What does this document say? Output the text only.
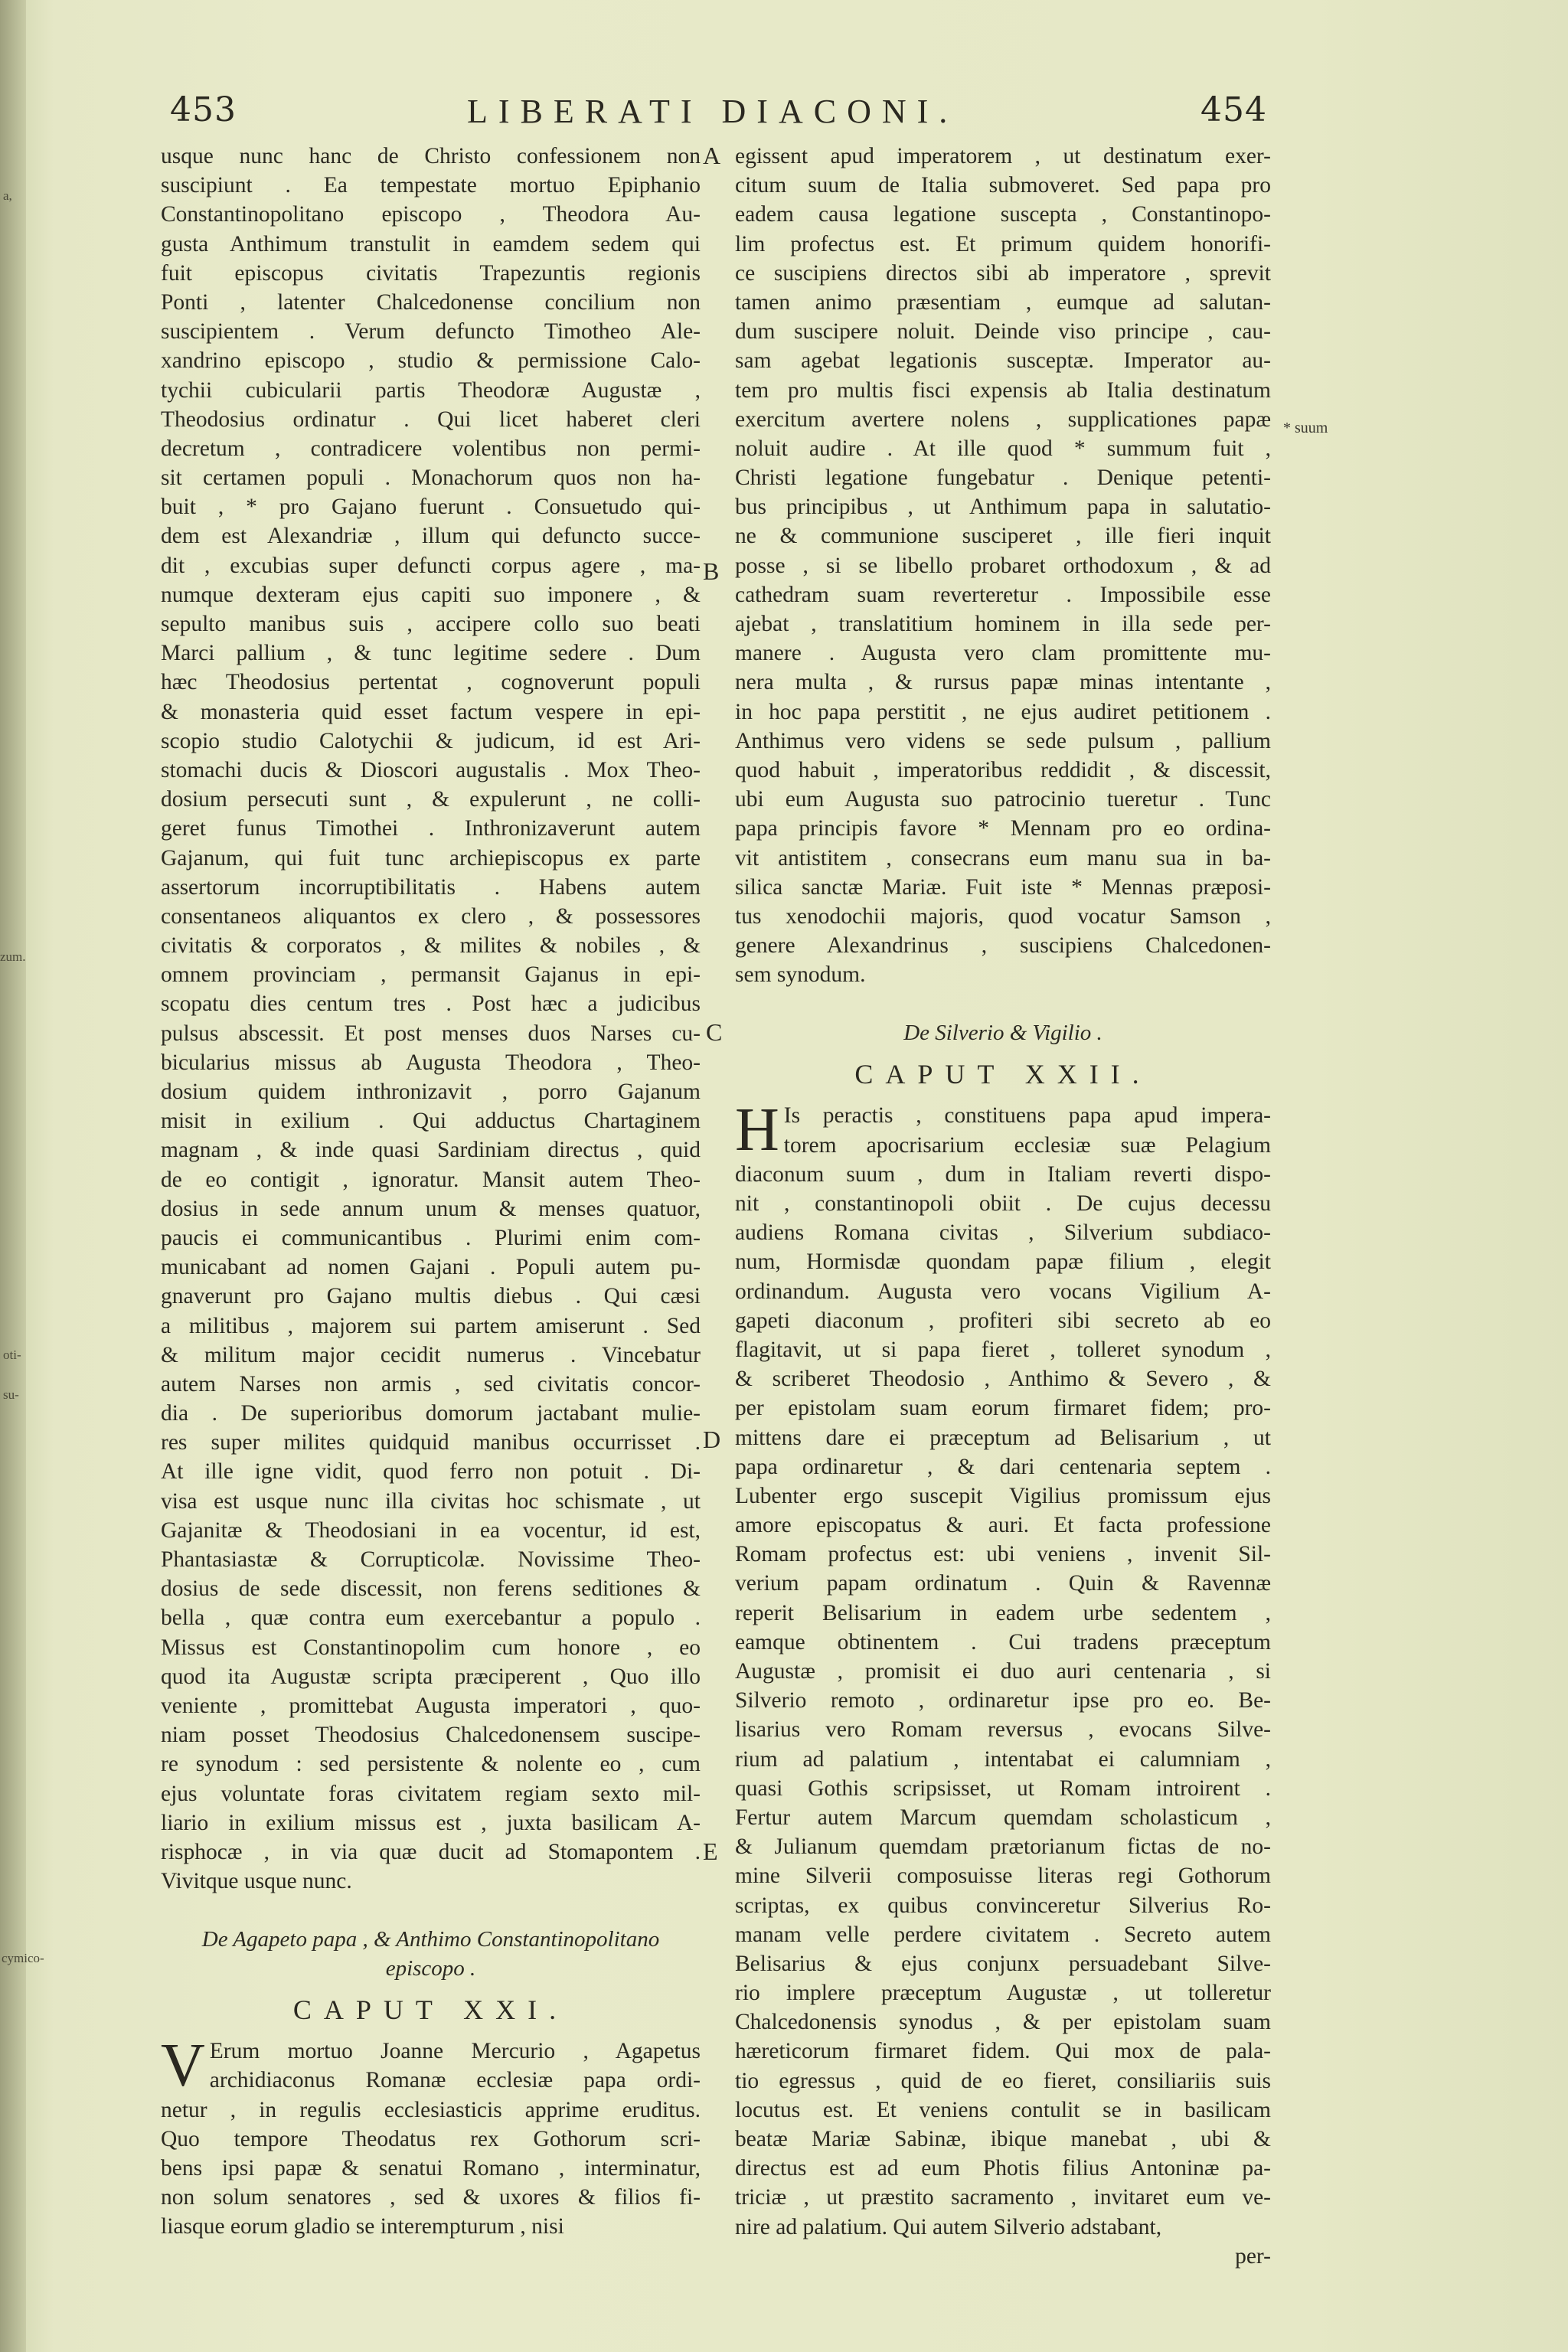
a,
zum.
oti-
su-
cymico-
453	LIBERATI DIACONI.	454
usque nunc hanc de Christo confessionem non
suscipiunt . Ea tempestate mortuo Epiphanio
Constantinopolitano episcopo , Theodora Au-
gusta Anthimum transtulit in eamdem sedem qui
fuit episcopus civitatis Trapezuntis regionis
Ponti , latenter Chalcedonense concilium non
suscipientem . Verum defuncto Timotheo Ale-
xandrino episcopo , studio & permissione Calo-
tychii cubicularii partis Theodoræ Augustæ ,
Theodosius ordinatur . Qui licet haberet cleri
decretum , contradicere volentibus non permi-
sit certamen populi . Monachorum quos non ha-
buit , * pro Gajano fuerunt . Consuetudo qui-
dem est Alexandriæ , illum qui defuncto succe-
dit , excubias super defuncti corpus agere , ma-
numque dexteram ejus capiti suo imponere , &
sepulto manibus suis , accipere collo suo beati
Marci pallium , & tunc legitime sedere . Dum
hæc Theodosius pertentat , cognoverunt populi
& monasteria quid esset factum vespere in epi-
scopio studio Calotychii & judicum, id est Ari-
stomachi ducis & Dioscori augustalis . Mox Theo-
dosium persecuti sunt , & expulerunt , ne colli-
geret funus Timothei . Inthronizaverunt autem
Gajanum, qui fuit tunc archiepiscopus ex parte
assertorum incorruptibilitatis . Habens autem
consentaneos aliquantos ex clero , & possessores
civitatis & corporatos , & milites & nobiles , &
omnem provinciam , permansit Gajanus in epi-
scopatu dies centum tres . Post hæc a judicibus
pulsus abscessit. Et post menses duos Narses cu-
bicularius missus ab Augusta Theodora , Theo-
dosium quidem inthronizavit , porro Gajanum
misit in exilium . Qui adductus Chartaginem
magnam , & inde quasi Sardiniam directus , quid
de eo contigit , ignoratur. Mansit autem Theo-
dosius in sede annum unum & menses quatuor,
paucis ei communicantibus . Plurimi enim com-
municabant ad nomen Gajani . Populi autem pu-
gnaverunt pro Gajano multis diebus . Qui cæsi
a militibus , majorem sui partem amiserunt . Sed
& militum major cecidit numerus . Vincebatur
autem Narses non armis , sed civitatis concor-
dia . De superioribus domorum jactabant mulie-
res super milites quidquid manibus occurrisset .
At ille igne vidit, quod ferro non potuit . Di-
visa est usque nunc illa civitas hoc schismate , ut
Gajanitæ & Theodosiani in ea vocentur, id est,
Phantasiastæ & Corrupticolæ. Novissime Theo-
dosius de sede discessit, non ferens seditiones &
bella , quæ contra eum exercebantur a populo .
Missus est Constantinopolim cum honore , eo
quod ita Augustæ scripta præciperent , Quo illo
veniente , promittebat Augusta imperatori , quo-
niam posset Theodosius Chalcedonensem suscipe-
re synodum : sed persistente & nolente eo , cum
ejus voluntate foras civitatem regiam sexto mil-
liario in exilium missus est , juxta basilicam A-
risphocæ , in via quæ ducit ad Stomapontem .
Vivitque usque nunc.
De Agapeto papa , & Anthimo Constantinopolitano
episcopo .
CAPUT XXI.
V Erum mortuo Joanne Mercurio , Agapetus
archidiaconus Romanæ ecclesiæ papa ordi-
netur , in regulis ecclesiasticis apprime eruditus.
Quo tempore Theodatus rex Gothorum scri-
bens ipsi papæ & senatui Romano , interminatur,
non solum senatores , sed & uxores & filios fi-
liasque eorum gladio se interempturum , nisi
egissent apud imperatorem , ut destinatum exer-
citum suum de Italia submoveret. Sed papa pro
eadem causa legatione suscepta , Constantinopo-
lim profectus est. Et primum quidem honorifi-
ce suscipiens directos sibi ab imperatore , sprevit
tamen animo præsentiam , eumque ad salutan-
dum suscipere noluit. Deinde viso principe , cau-
sam agebat legationis susceptæ. Imperator au-
tem pro multis fisci expensis ab Italia destinatum
exercitum avertere nolens , supplicationes papæ
noluit audire . At ille quod * summum fuit ,
Christi legatione fungebatur . Denique petenti-
bus principibus , ut Anthimum papa in salutatio-
ne & communione susciperet , ille fieri inquit
posse , si se libello probaret orthodoxum , & ad
cathedram suam reverteretur . Impossibile esse
ajebat , translatitium hominem in illa sede per-
manere . Augusta vero clam promittente mu-
nera multa , & rursus papæ minas intentante ,
in hoc papa perstitit , ne ejus audiret petitionem .
Anthimus vero videns se sede pulsum , pallium
quod habuit , imperatoribus reddidit , & discessit,
ubi eum Augusta suo patrocinio tueretur . Tunc
papa principis favore * Mennam pro eo ordina-
vit antistitem , consecrans eum manu sua in ba-
silica sanctæ Mariæ. Fuit iste * Mennas præposi-
tus xenodochii majoris, quod vocatur Samson ,
genere Alexandrinus , suscipiens Chalcedonen-
sem synodum.
De Silverio & Vigilio .
CAPUT XXII.
H Is peractis , constituens papa apud impera-
torem apocrisarium ecclesiæ suæ Pelagium
diaconum suum , dum in Italiam reverti dispo-
nit , constantinopoli obiit . De cujus decessu
audiens Romana civitas , Silverium subdiaco-
num, Hormisdæ quondam papæ filium , elegit
ordinandum. Augusta vero vocans Vigilium A-
gapeti diaconum , profiteri sibi secreto ab eo
flagitavit, ut si papa fieret , tolleret synodum ,
& scriberet Theodosio , Anthimo & Severo , &
per epistolam suam eorum firmaret fidem; pro-
mittens dare ei præceptum ad Belisarium , ut
papa ordinaretur , & dari centenaria septem .
Lubenter ergo suscepit Vigilius promissum ejus
amore episcopatus & auri. Et facta professione
Romam profectus est: ubi veniens , invenit Sil-
verium papam ordinatum . Quin & Ravennæ
reperit Belisarium in eadem urbe sedentem ,
eamque obtinentem . Cui tradens præceptum
Augustæ , promisit ei duo auri centenaria , si
Silverio remoto , ordinaretur ipse pro eo. Be-
lisarius vero Romam reversus , evocans Silve-
rium ad palatium , intentabat ei calumniam ,
quasi Gothis scripsisset, ut Romam introirent .
Fertur autem Marcum quemdam scholasticum ,
& Julianum quemdam prætorianum fictas de no-
mine Silverii composuisse literas regi Gothorum
scriptas, ex quibus convinceretur Silverius Ro-
manam velle perdere civitatem . Secreto autem
Belisarius & ejus conjunx persuadebant Silve-
rio implere præceptum Augustæ , ut tolleretur
Chalcedonensis synodus , & per epistolam suam
hæreticorum firmaret fidem. Qui mox de pala-
tio egressus , quid de eo fieret, consiliariis suis
locutus est. Et veniens contulit se in basilicam
beatæ Mariæ Sabinæ, ibique manebat , ubi &
directus est ad eum Photis filius Antoninæ pa-
triciæ , ut præstito sacramento , invitaret eum ve-
nire ad palatium. Qui autem Silverio adstabant,
per-
A
B
C
D
E
* suum
